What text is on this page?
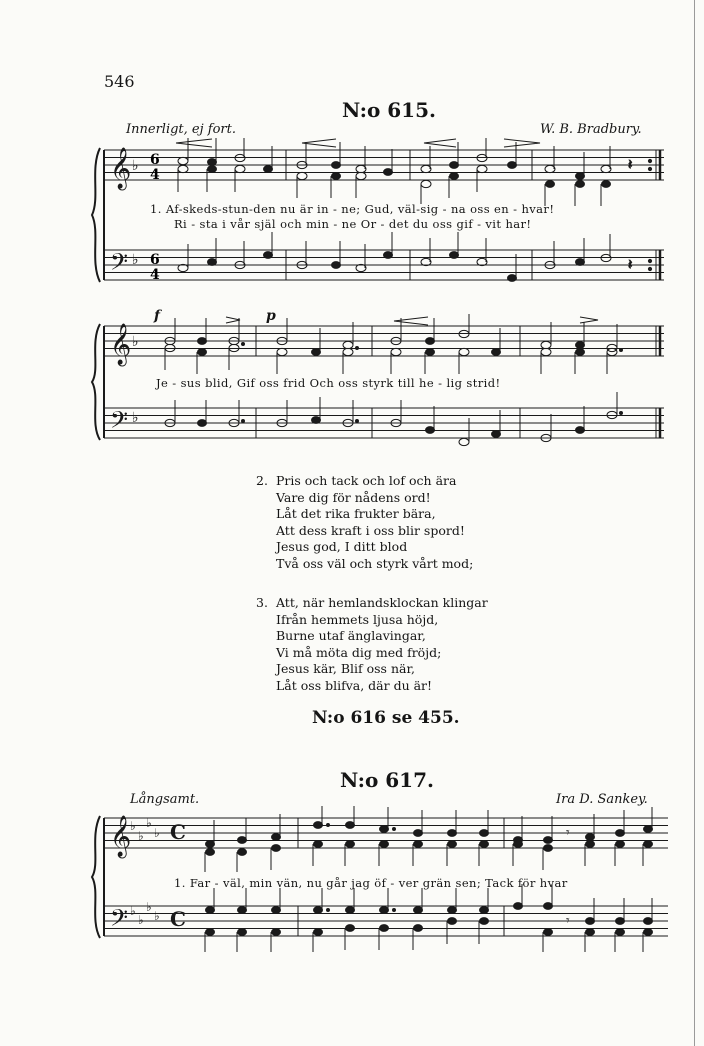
546
N:o 615.
Innerligt, ej fort.	W. B. Bradbury.
𝄞
𝄢
♭
♭
6
4
6
4
𝄽
𝄽
1. Af-skeds-stun-den nu är in - ne; Gud, väl-sig - na oss en - hvar!
Ri - sta i vår själ och min - ne Or - det du oss gif - vit har!
f	p
𝄞
𝄢
♭
♭
Je - sus blid, Gif oss frid Och oss styrk till he - lig strid!
2. Pris och tack och lof och ära
Vare dig för nådens ord!
Låt det rika frukter bära,
Att dess kraft i oss blir spord!
Jesus god, I ditt blod
Två oss väl och styrk vårt mod;
3. Att, när hemlandsklockan klingar
Ifrån hemmets ljusa höjd,
Burne utaf änglavingar,
Vi må möta dig med fröjd;
Jesus kär, Blif oss när,
Låt oss blifva, där du är!
N:o 616 se 455.
N:o 617.
Långsamt.	Ira D. Sankey.
𝄞
𝄢
♭
♭
♭
♭
♭
♭
♭
♭
C
C
𝄾
𝄾
1. Far - väl, min vän, nu går jag öf - ver grän sen; Tack för hvar
